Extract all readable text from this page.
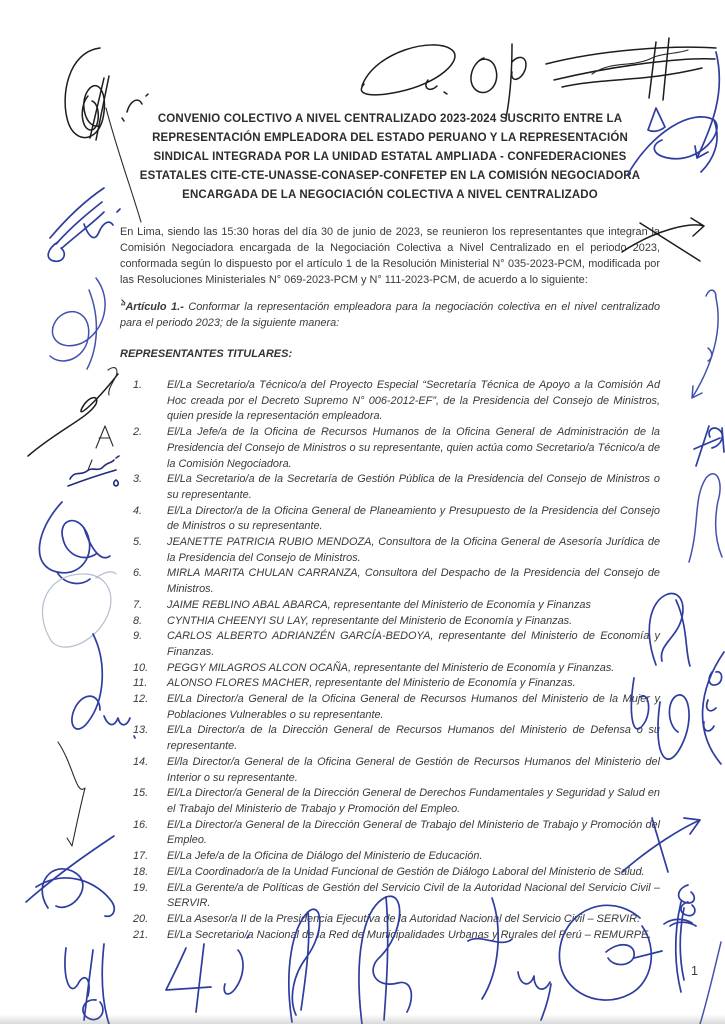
CONVENIO COLECTIVO A NIVEL CENTRALIZADO 2023-2024 SUSCRITO ENTRE LA
REPRESENTACIÓN EMPLEADORA DEL ESTADO PERUANO Y LA REPRESENTACIÓN
SINDICAL INTEGRADA POR LA UNIDAD ESTATAL AMPLIADA - CONFEDERACIONES
ESTATALES CITE-CTE-UNASSE-CONASEP-CONFETEP EN LA COMISIÓN NEGOCIADORA
ENCARGADA DE LA NEGOCIACIÓN COLECTIVA A NIVEL CENTRALIZADO

En Lima, siendo las 15:30 horas del día 30 de junio de 2023, se reunieron los representantes que integran la Comisión Negociadora encargada de la Negociación Colectiva a Nivel Centralizado en el periodo 2023, conformada según lo dispuesto por el artículo 1 de la Resolución Ministerial N° 035-2023-PCM, modificada por las Resoluciones Ministeriales N° 069-2023-PCM y N° 111-2023-PCM, de acuerdo a lo siguiente:

“Artículo 1.- Conformar la representación empleadora para la negociación colectiva en el nivel centralizado para el periodo 2023; de la siguiente manera:

REPRESENTANTES TITULARES:

1.	El/La Secretario/a Técnico/a del Proyecto Especial “Secretaría Técnica de Apoyo a la Comisión Ad Hoc creada por el Decreto Supremo N° 006-2012-EF”, de la Presidencia del Consejo de Ministros, quien preside la representación empleadora.
2.	El/La Jefe/a de la Oficina de Recursos Humanos de la Oficina General de Administración de la Presidencia del Consejo de Ministros o su representante, quien actúa como Secretario/a Técnico/a de la Comisión Negociadora.
3.	El/La Secretario/a de la Secretaría de Gestión Pública de la Presidencia del Consejo de Ministros o su representante.
4.	El/La Director/a de la Oficina General de Planeamiento y Presupuesto de la Presidencia del Consejo de Ministros o su representante.
5.	JEANETTE PATRICIA RUBIO MENDOZA, Consultora de la Oficina General de Asesoría Jurídica de la Presidencia del Consejo de Ministros.
6.	MIRLA MARITA CHULAN CARRANZA, Consultora del Despacho de la Presidencia del Consejo de Ministros.
7.	JAIME REBLINO ABAL ABARCA, representante del Ministerio de Economía y Finanzas
8.	CYNTHIA CHEENYI SU LAY, representante del Ministerio de Economía y Finanzas.
9.	CARLOS ALBERTO ADRIANZÉN GARCÍA-BEDOYA, representante del Ministerio de Economía y Finanzas.
10.	PEGGY MILAGROS ALCON OCAÑA, representante del Ministerio de Economía y Finanzas.
11.	ALONSO FLORES MACHER, representante del Ministerio de Economía y Finanzas.
12.	El/La Director/a General de la Oficina General de Recursos Humanos del Ministerio de la Mujer y Poblaciones Vulnerables o su representante.
13.	El/La Director/a de la Dirección General de Recursos Humanos del Ministerio de Defensa o su representante.
14.	El/la Director/a General de la Oficina General de Gestión de Recursos Humanos del Ministerio del Interior o su representante.
15.	El/La Director/a General de la Dirección General de Derechos Fundamentales y Seguridad y Salud en el Trabajo del Ministerio de Trabajo y Promoción del Empleo.
16.	El/La Director/a General de la Dirección General de Trabajo del Ministerio de Trabajo y Promoción del Empleo.
17.	El/La Jefe/a de la Oficina de Diálogo del Ministerio de Educación.
18.	El/La Coordinador/a de la Unidad Funcional de Gestión de Diálogo Laboral del Ministerio de Salud.
19.	El/La Gerente/a de Políticas de Gestión del Servicio Civil de la Autoridad Nacional del Servicio Civil – SERVIR.
20.	El/La Asesor/a II de la Presidencia Ejecutiva de la Autoridad Nacional del Servicio Civil – SERVIR.
21.	El/La Secretario/a Nacional de la Red de Municipalidades Urbanas y Rurales del Perú – REMURPE.
1
